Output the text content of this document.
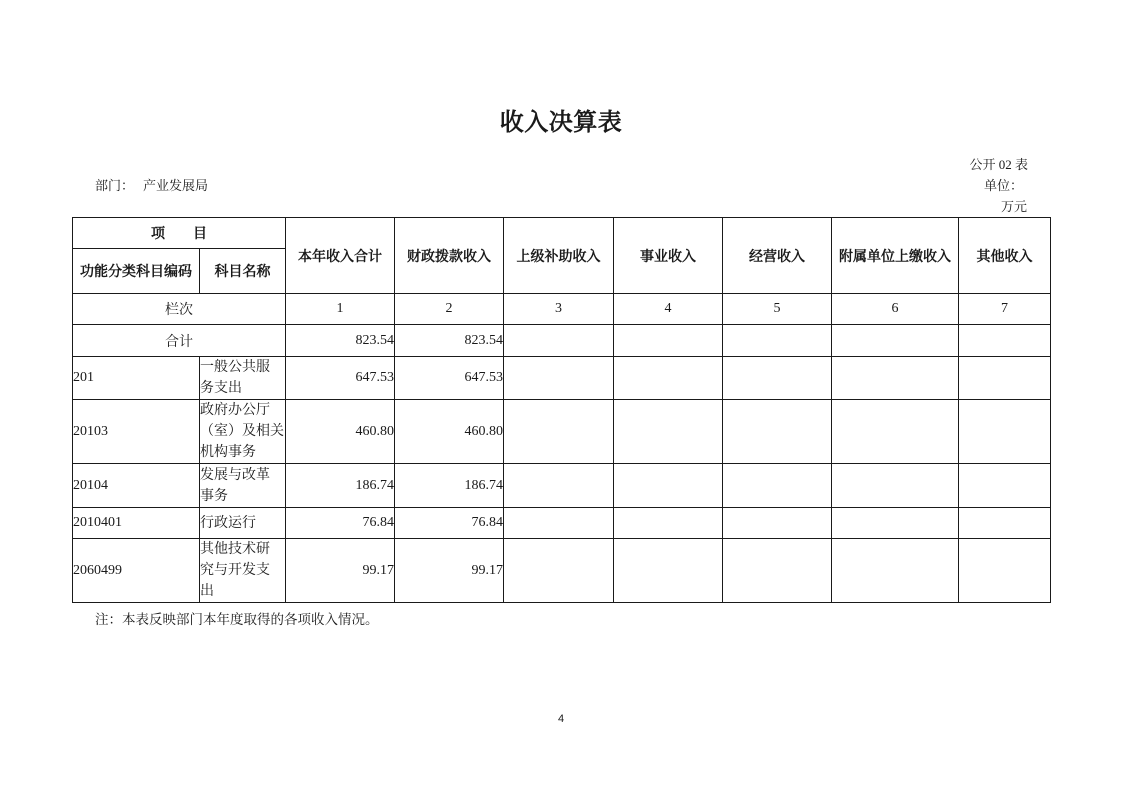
收入决算表
公开 02 表
部门： 产业发展局	单位：
万元
项　　目		本年收入合计	财政拨款收入	上级补助收入	事业收入	经营收入	附属单位上缴收入	其他收入
功能分类科目编码	科目名称							
栏次		1	2	3	4	5	6	7
合计		823.54	823.54					
201	一般公共服
务支出	647.53	647.53					
20103	政府办公厅
（室）及相关
机构事务	460.80	460.80					
20104	发展与改革
事务	186.74	186.74					
2010401	行政运行	76.84	76.84					
2060499	其他技术研
究与开发支
出	99.17	99.17					
注：本表反映部门本年度取得的各项收入情况。
4
